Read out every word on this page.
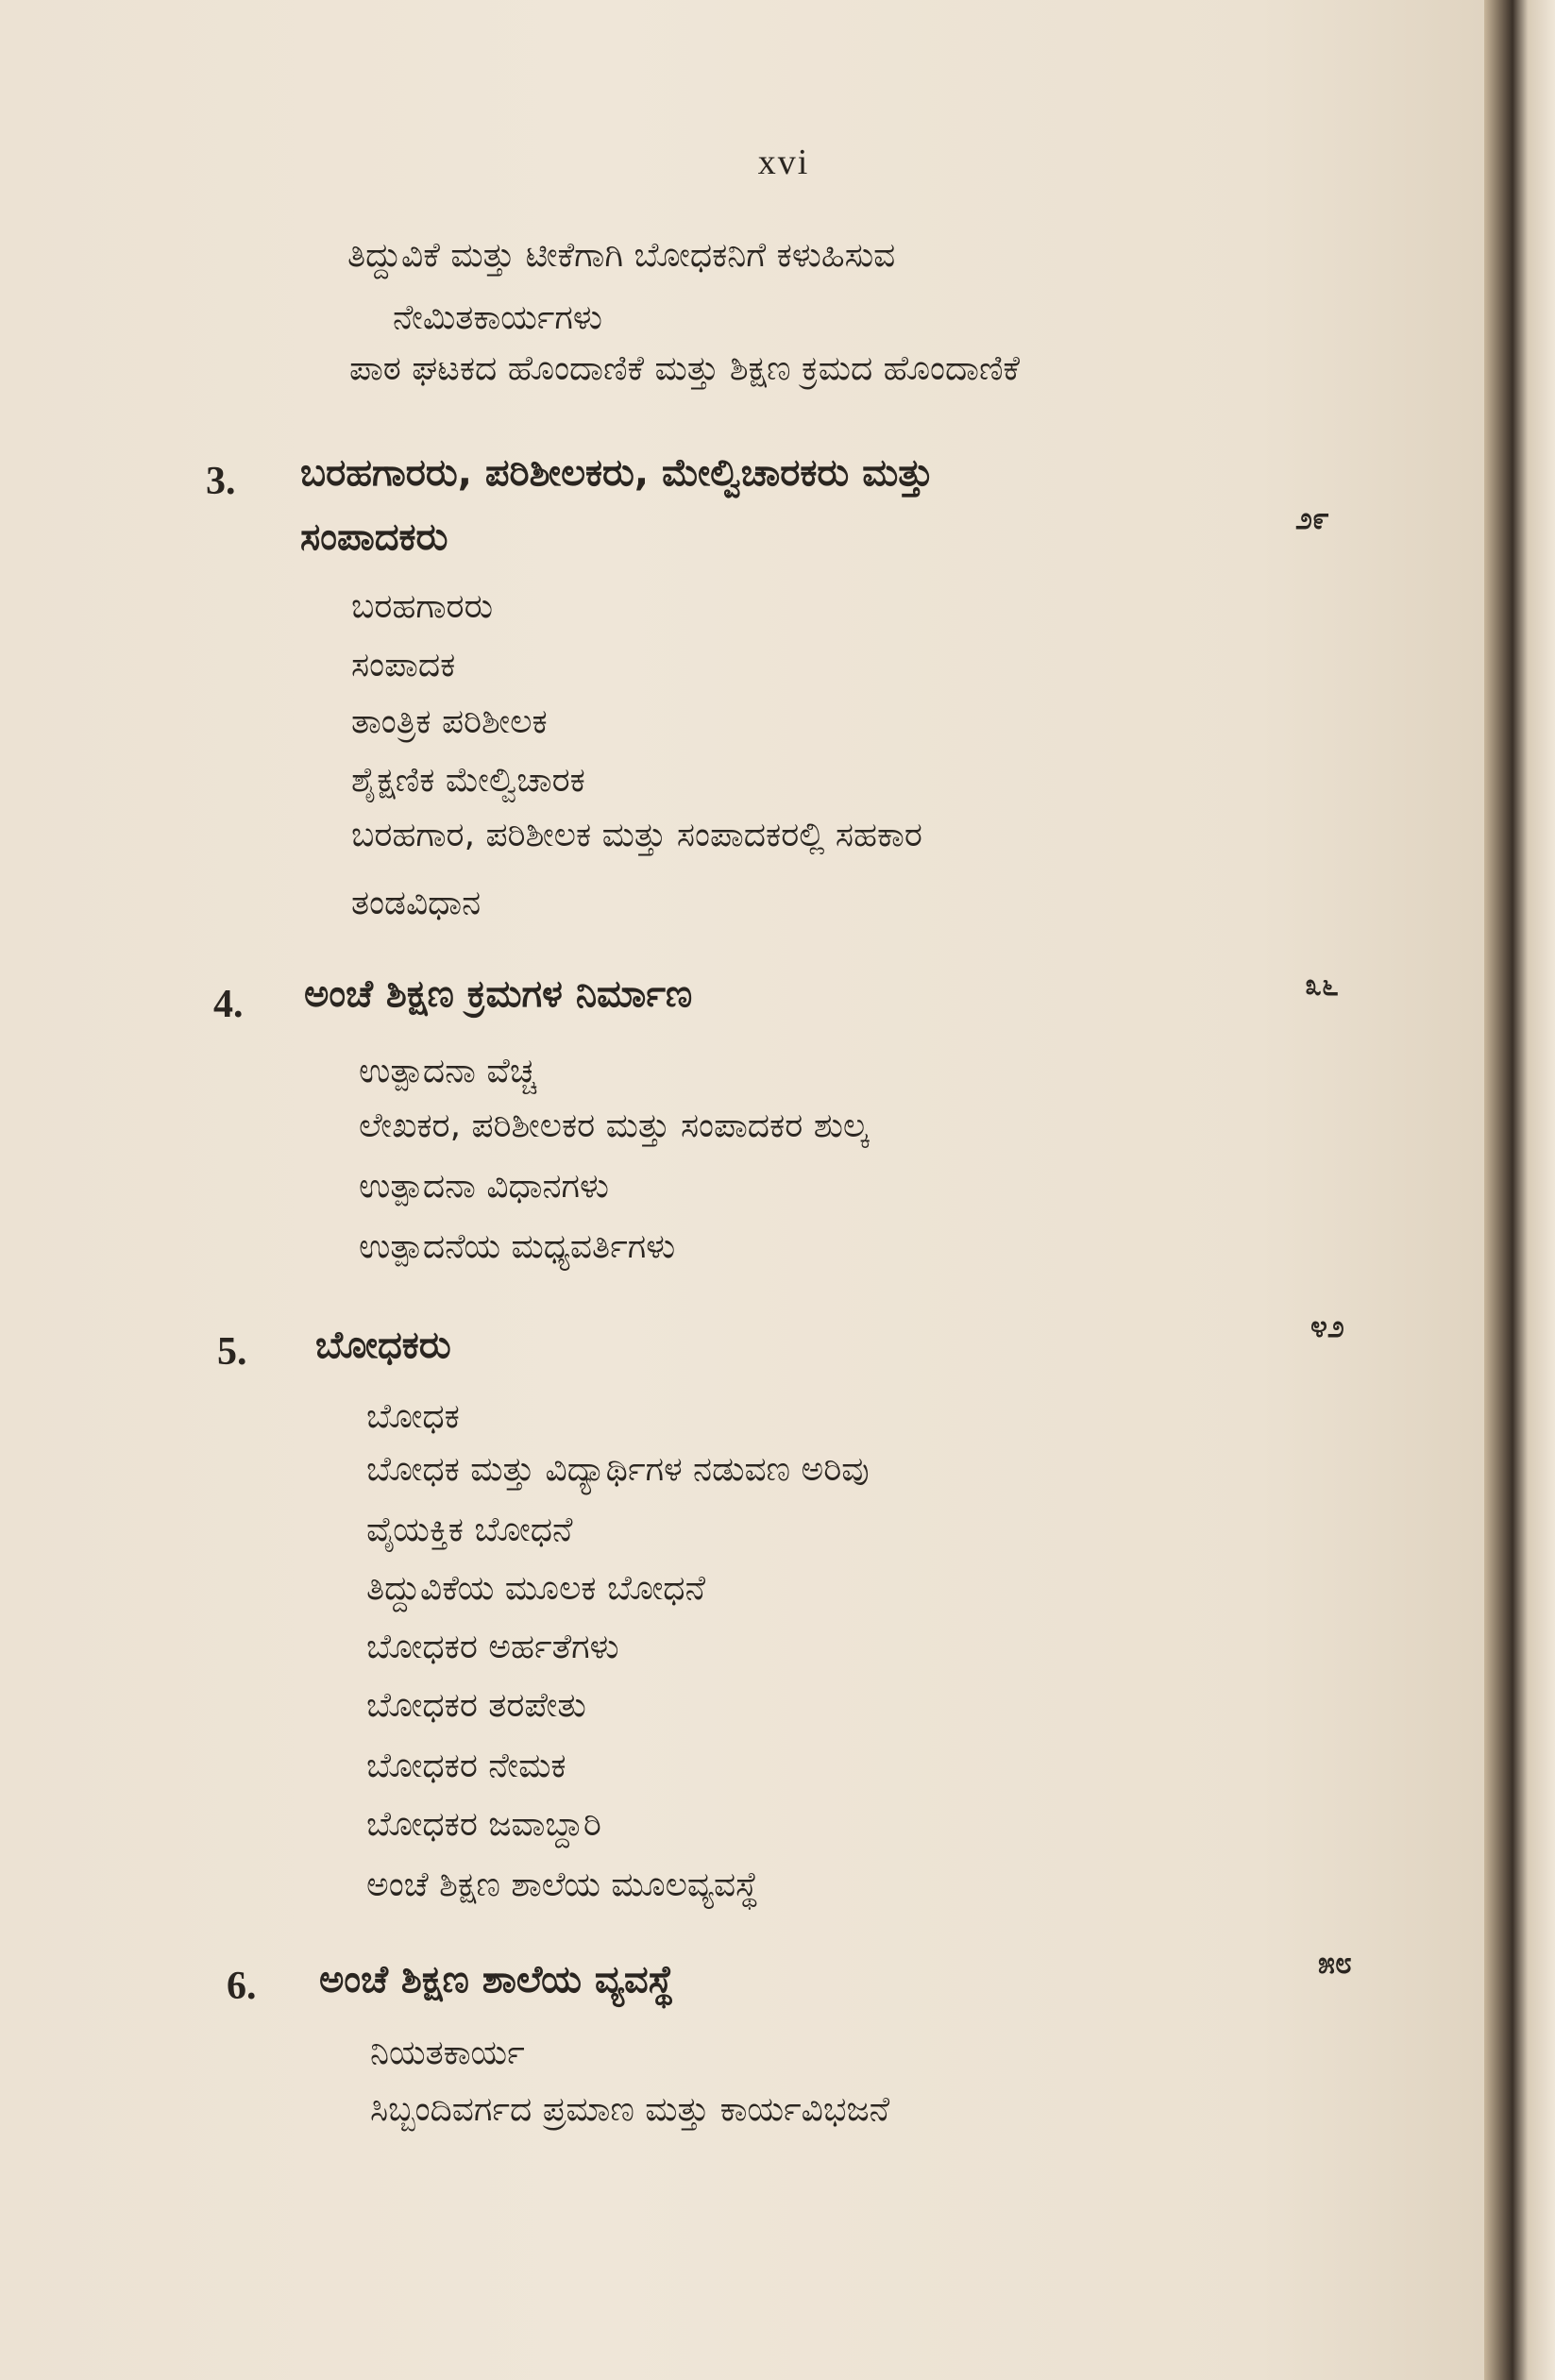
xvi
ತಿದ್ದುವಿಕೆ ಮತ್ತು ಟೀಕೆಗಾಗಿ ಬೋಧಕನಿಗೆ ಕಳುಹಿಸುವ
ನೇಮಿತಕಾರ್ಯಗಳು
ಪಾಠ ಘಟಕದ ಹೊಂದಾಣಿಕೆ ಮತ್ತು ಶಿಕ್ಷಣ ಕ್ರಮದ ಹೊಂದಾಣಿಕೆ
3. ಬರಹಗಾರರು, ಪರಿಶೀಲಕರು, ಮೇಲ್ವಿಚಾರಕರು ಮತ್ತು
ಸಂಪಾದಕರು	೨೯
ಬರಹಗಾರರು
ಸಂಪಾದಕ
ತಾಂತ್ರಿಕ ಪರಿಶೀಲಕ
ಶೈಕ್ಷಣಿಕ ಮೇಲ್ವಿಚಾರಕ
ಬರಹಗಾರ, ಪರಿಶೀಲಕ ಮತ್ತು ಸಂಪಾದಕರಲ್ಲಿ ಸಹಕಾರ
ತಂಡವಿಧಾನ
4. ಅಂಚೆ ಶಿಕ್ಷಣ ಕ್ರಮಗಳ ನಿರ್ಮಾಣ	೩೬
ಉತ್ಪಾದನಾ ವೆಚ್ಚ
ಲೇಖಕರ, ಪರಿಶೀಲಕರ ಮತ್ತು ಸಂಪಾದಕರ ಶುಲ್ಕ
ಉತ್ಪಾದನಾ ವಿಧಾನಗಳು
ಉತ್ಪಾದನೆಯ ಮಧ್ಯವರ್ತಿಗಳು
5. ಬೋಧಕರು	೪೨
ಬೋಧಕ
ಬೋಧಕ ಮತ್ತು ವಿದ್ಯಾರ್ಥಿಗಳ ನಡುವಣ ಅರಿವು
ವೈಯಕ್ತಿಕ ಬೋಧನೆ
ತಿದ್ದುವಿಕೆಯ ಮೂಲಕ ಬೋಧನೆ
ಬೋಧಕರ ಅರ್ಹತೆಗಳು
ಬೋಧಕರ ತರಪೇತು
ಬೋಧಕರ ನೇಮಕ
ಬೋಧಕರ ಜವಾಬ್ದಾರಿ
ಅಂಚೆ ಶಿಕ್ಷಣ ಶಾಲೆಯ ಮೂಲವ್ಯವಸ್ಥೆ
6. ಅಂಚೆ ಶಿಕ್ಷಣ ಶಾಲೆಯ ವ್ಯವಸ್ಥೆ	೫೮
ನಿಯತಕಾರ್ಯ
ಸಿಬ್ಬಂದಿವರ್ಗದ ಪ್ರಮಾಣ ಮತ್ತು ಕಾರ್ಯವಿಭಜನೆ
